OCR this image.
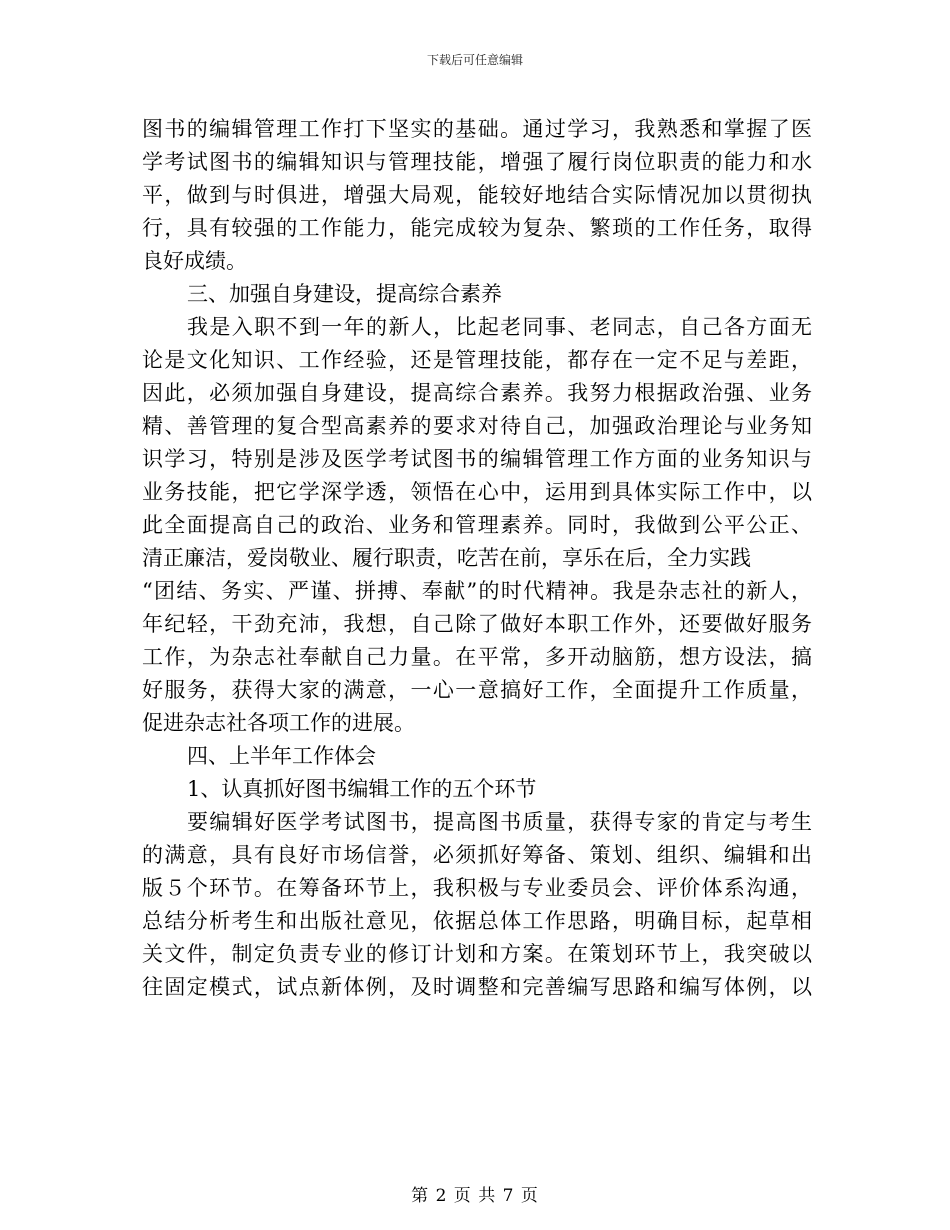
下载后可任意编辑

图书的编辑管理工作打下坚实的基础。通过学习，我熟悉和掌握了医

学考试图书的编辑知识与管理技能，增强了履行岗位职责的能力和水

平，做到与时俱进，增强大局观，能较好地结合实际情况加以贯彻执

行，具有较强的工作能力，能完成较为复杂、繁琐的工作任务，取得

良好成绩。

三、加强自身建设，提高综合素养

我是入职不到一年的新人，比起老同事、老同志，自己各方面无

论是文化知识、工作经验，还是管理技能，都存在一定不足与差距，

因此，必须加强自身建设，提高综合素养。我努力根据政治强、业务

精、善管理的复合型高素养的要求对待自己，加强政治理论与业务知

识学习，特别是涉及医学考试图书的编辑管理工作方面的业务知识与

业务技能，把它学深学透，领悟在心中，运用到具体实际工作中，以

此全面提高自己的政治、业务和管理素养。同时，我做到公平公正、

清正廉洁，爱岗敬业、履行职责，吃苦在前，享乐在后，全力实践

“团结、务实、严谨、拼搏、奉献”的时代精神。我是杂志社的新人，

年纪轻，干劲充沛，我想，自己除了做好本职工作外，还要做好服务

工作，为杂志社奉献自己力量。在平常，多开动脑筋，想方设法，搞

好服务，获得大家的满意，一心一意搞好工作，全面提升工作质量，

促进杂志社各项工作的进展。

四、上半年工作体会

1、认真抓好图书编辑工作的五个环节

要编辑好医学考试图书，提高图书质量，获得专家的肯定与考生

的满意，具有良好市场信誉，必须抓好筹备、策划、组织、编辑和出

版５个环节。在筹备环节上，我积极与专业委员会、评价体系沟通，

总结分析考生和出版社意见，依据总体工作思路，明确目标，起草相

关文件，制定负责专业的修订计划和方案。在策划环节上，我突破以

往固定模式，试点新体例，及时调整和完善编写思路和编写体例，以

第 2 页 共 7 页
